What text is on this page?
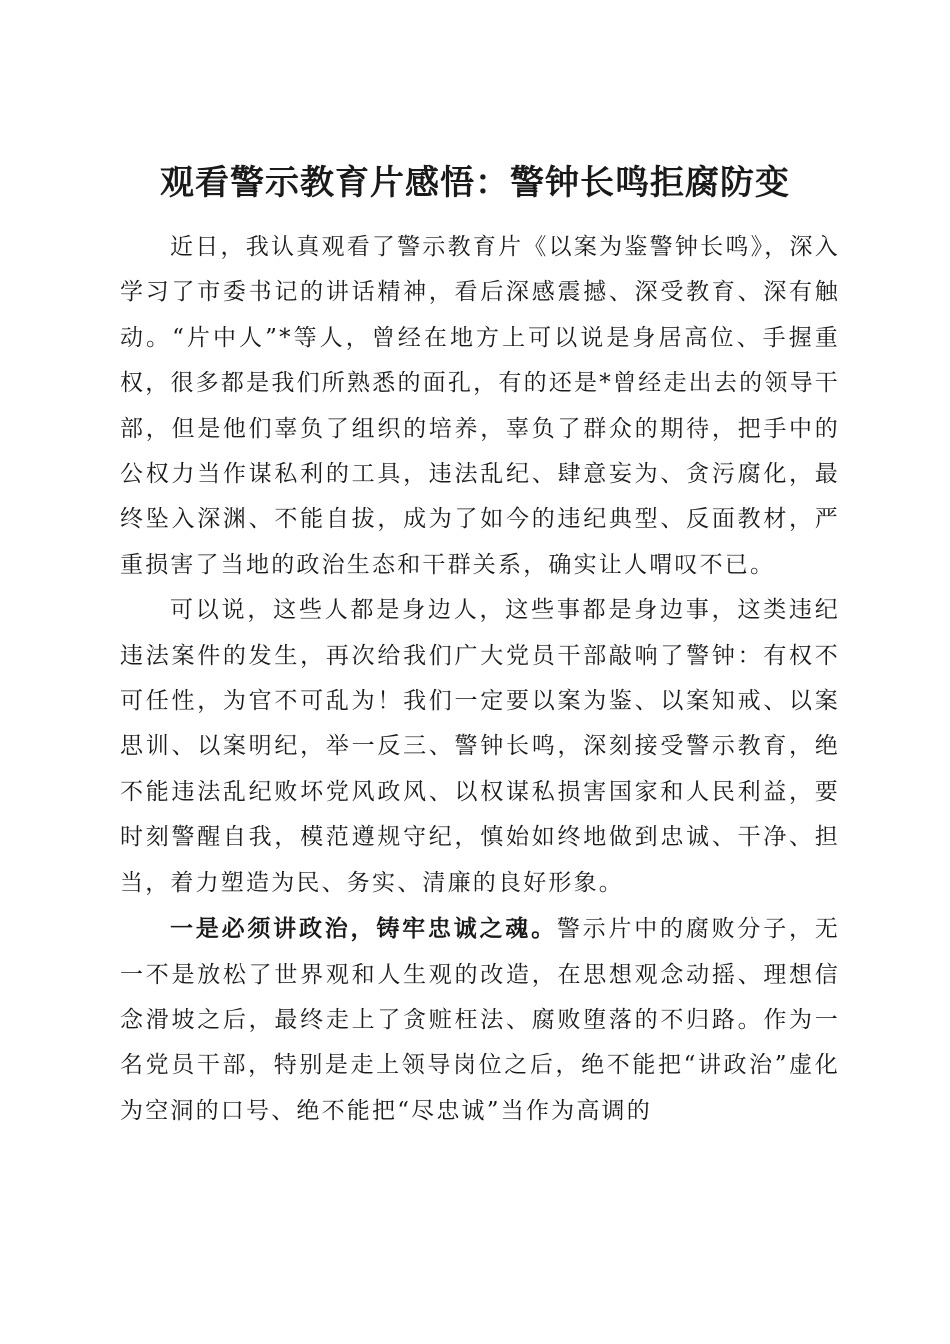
观看警示教育片感悟：警钟长鸣拒腐防变

近日，我认真观看了警示教育片《以案为鉴警钟长鸣》，深入学习了市委书记的讲话精神，看后深感震撼、深受教育、深有触动。“片中人”*等人，曾经在地方上可以说是身居高位、手握重权，很多都是我们所熟悉的面孔，有的还是*曾经走出去的领导干部，但是他们辜负了组织的培养，辜负了群众的期待，把手中的公权力当作谋私利的工具，违法乱纪、肆意妄为、贪污腐化，最终坠入深渊、不能自拔，成为了如今的违纪典型、反面教材，严重损害了当地的政治生态和干群关系，确实让人喟叹不已。

可以说，这些人都是身边人，这些事都是身边事，这类违纪违法案件的发生，再次给我们广大党员干部敲响了警钟：有权不可任性，为官不可乱为！我们一定要以案为鉴、以案知戒、以案思训、以案明纪，举一反三、警钟长鸣，深刻接受警示教育，绝不能违法乱纪败坏党风政风、以权谋私损害国家和人民利益，要时刻警醒自我，模范遵规守纪，慎始如终地做到忠诚、干净、担当，着力塑造为民、务实、清廉的良好形象。

一是必须讲政治，铸牢忠诚之魂。警示片中的腐败分子，无一不是放松了世界观和人生观的改造，在思想观念动摇、理想信念滑坡之后，最终走上了贪赃枉法、腐败堕落的不归路。作为一名党员干部，特别是走上领导岗位之后，绝不能把“讲政治”虚化为空洞的口号、绝不能把“尽忠诚”当作为高调的
